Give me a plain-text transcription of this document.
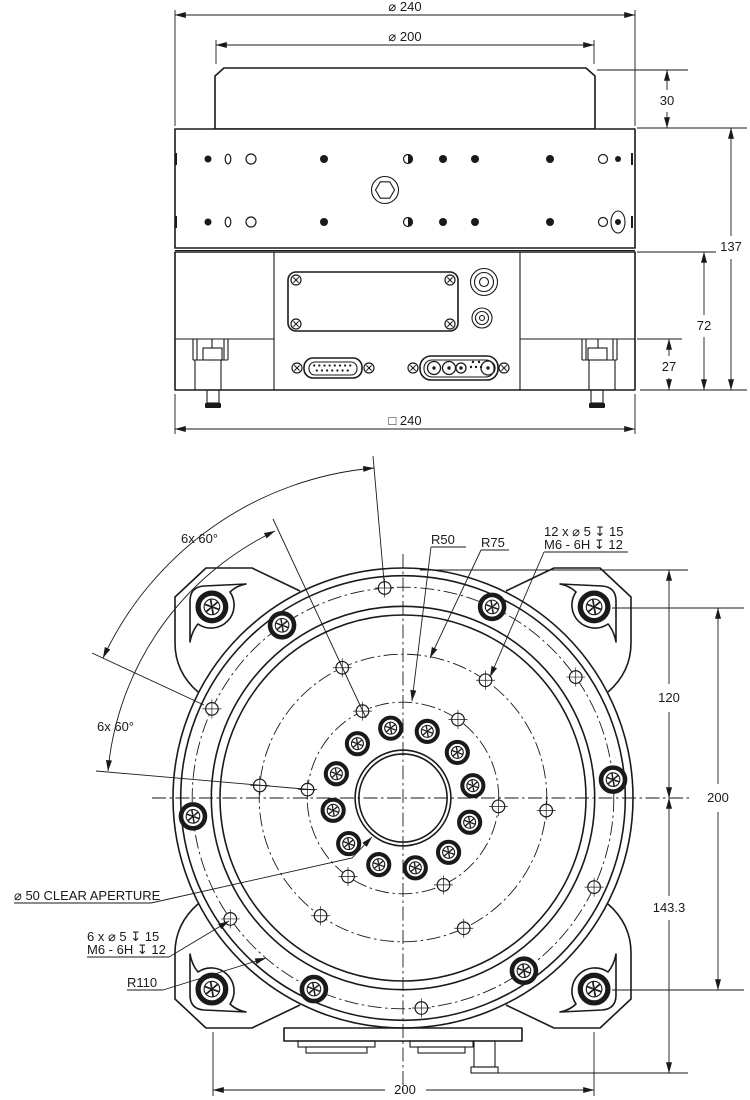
⌀ 240
⌀ 200
30
137
72
27
□ 240
6x 60°
6x 60°
R50 R75
12 x ⌀ 5 ↧ 15
M6 - 6H ↧ 12
⌀ 50 CLEAR APERTURE
6 x ⌀ 5 ↧ 15
M6 - 6H ↧ 12
R110
120
200
143.3
200
